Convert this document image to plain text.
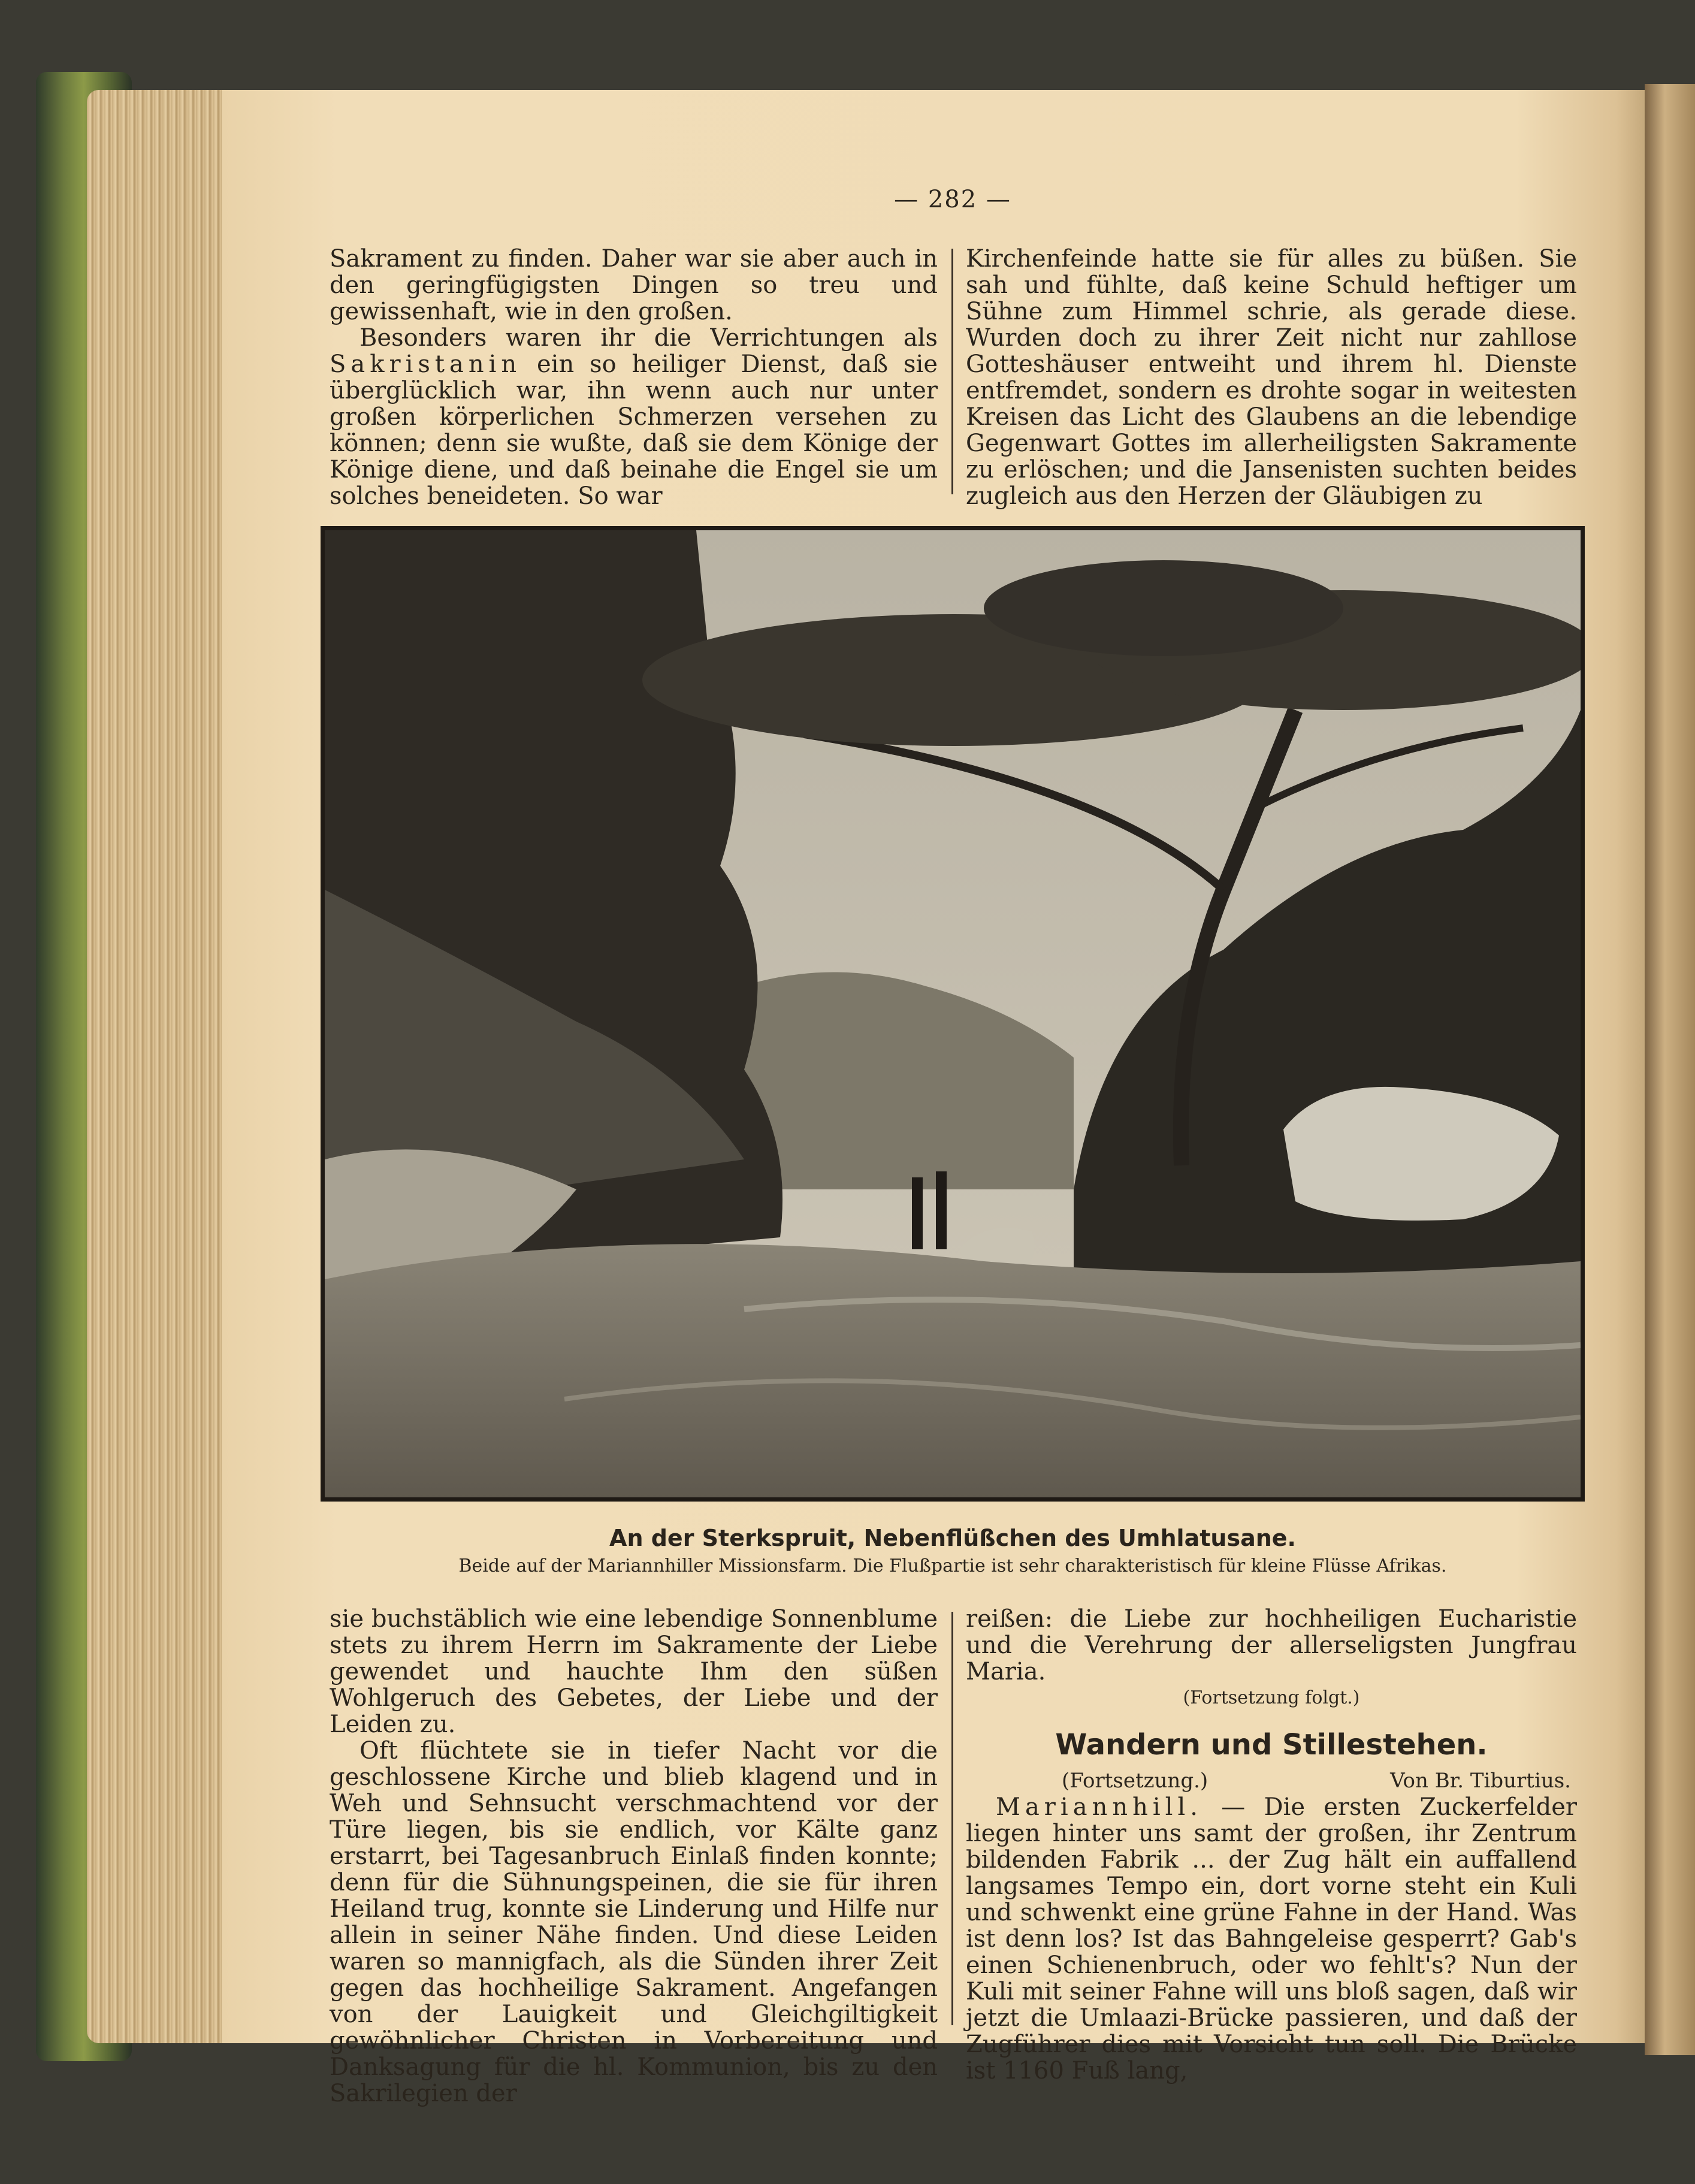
— 282 —

Sakrament zu finden. Daher war sie aber auch in den geringfügigsten Dingen so treu und gewissenhaft, wie in den großen.

Besonders waren ihr die Verrichtungen als Sakristanin ein so heiliger Dienst, daß sie überglücklich war, ihn wenn auch nur unter großen körperlichen Schmerzen versehen zu können; denn sie wußte, daß sie dem Könige der Könige diene, und daß beinahe die Engel sie um solches beneideten. So war

Kirchenfeinde hatte sie für alles zu büßen. Sie sah und fühlte, daß keine Schuld heftiger um Sühne zum Himmel schrie, als gerade diese. Wurden doch zu ihrer Zeit nicht nur zahllose Gotteshäuser entweiht und ihrem hl. Dienste entfremdet, sondern es drohte sogar in weitesten Kreisen das Licht des Glaubens an die lebendige Gegenwart Gottes im allerheiligsten Sakramente zu erlöschen; und die Jansenisten suchten beides zugleich aus den Herzen der Gläubigen zu

An der Sterkspruit, Nebenflüßchen des Umhlatusane.
Beide auf der Mariannhiller Missionsfarm. Die Flußpartie ist sehr charakteristisch für kleine Flüsse Afrikas.

sie buchstäblich wie eine lebendige Sonnenblume stets zu ihrem Herrn im Sakramente der Liebe gewendet und hauchte Ihm den süßen Wohlgeruch des Gebetes, der Liebe und der Leiden zu.

Oft flüchtete sie in tiefer Nacht vor die geschlossene Kirche und blieb klagend und in Weh und Sehnsucht verschmachtend vor der Türe liegen, bis sie endlich, vor Kälte ganz erstarrt, bei Tagesanbruch Einlaß finden konnte; denn für die Sühnungspeinen, die sie für ihren Heiland trug, konnte sie Linderung und Hilfe nur allein in seiner Nähe finden. Und diese Leiden waren so mannigfach, als die Sünden ihrer Zeit gegen das hochheilige Sakrament. Angefangen von der Lauigkeit und Gleichgiltigkeit gewöhnlicher Christen in Vorbereitung und Danksagung für die hl. Kommunion, bis zu den Sakrilegien der

reißen: die Liebe zur hochheiligen Eucharistie und die Verehrung der allerseligsten Jungfrau Maria.

(Fortsetzung folgt.)
Wandern und Stillestehen.
(Fortsetzung.)	Von Br. Tiburtius.

Mariannhill. — Die ersten Zuckerfelder liegen hinter uns samt der großen, ihr Zentrum bildenden Fabrik ... der Zug hält ein auffallend langsames Tempo ein, dort vorne steht ein Kuli und schwenkt eine grüne Fahne in der Hand. Was ist denn los? Ist das Bahngeleise gesperrt? Gab's einen Schienenbruch, oder wo fehlt's? Nun der Kuli mit seiner Fahne will uns bloß sagen, daß wir jetzt die Umlaazi-Brücke passieren, und daß der Zugführer dies mit Vorsicht tun soll. Die Brücke ist 1160 Fuß lang,
